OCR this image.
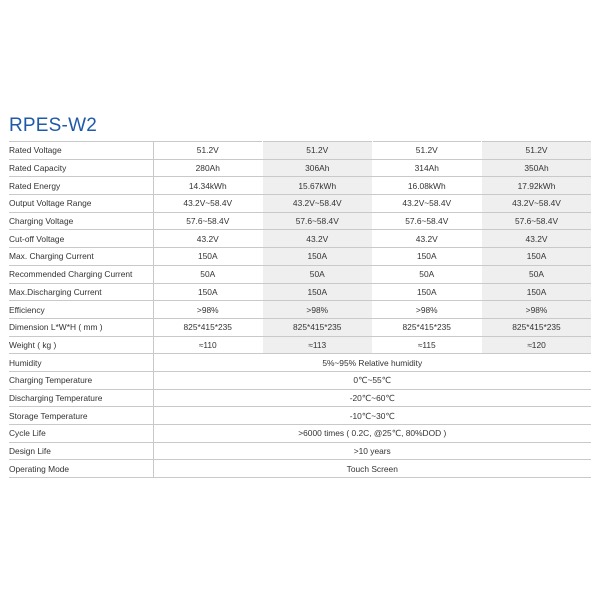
RPES-W2
Rated Voltage	51.2V	51.2V	51.2V	51.2V
Rated Capacity	280Ah	306Ah	314Ah	350Ah
Rated Energy	14.34kWh	15.67kWh	16.08kWh	17.92kWh
Output Voltage Range	43.2V~58.4V	43.2V~58.4V	43.2V~58.4V	43.2V~58.4V
Charging Voltage	57.6~58.4V	57.6~58.4V	57.6~58.4V	57.6~58.4V
Cut-off Voltage	43.2V	43.2V	43.2V	43.2V
Max. Charging Current	150A	150A	150A	150A
Recommended Charging Current	50A	50A	50A	50A
Max.Discharging Current	150A	150A	150A	150A
Efficiency	>98%	>98%	>98%	>98%
Dimension L*W*H ( mm )	825*415*235	825*415*235	825*415*235	825*415*235
Weight ( kg )	≈110	≈113	≈115	≈120
Humidity	5%~95% Relative humidity			
Charging Temperature	0℃~55℃			
Discharging Temperature	-20℃~60℃			
Storage Temperature	-10℃~30℃			
Cycle Life	>6000 times ( 0.2C, @25℃, 80%DOD )			
Design Life	>10 years			
Operating Mode	Touch Screen			
